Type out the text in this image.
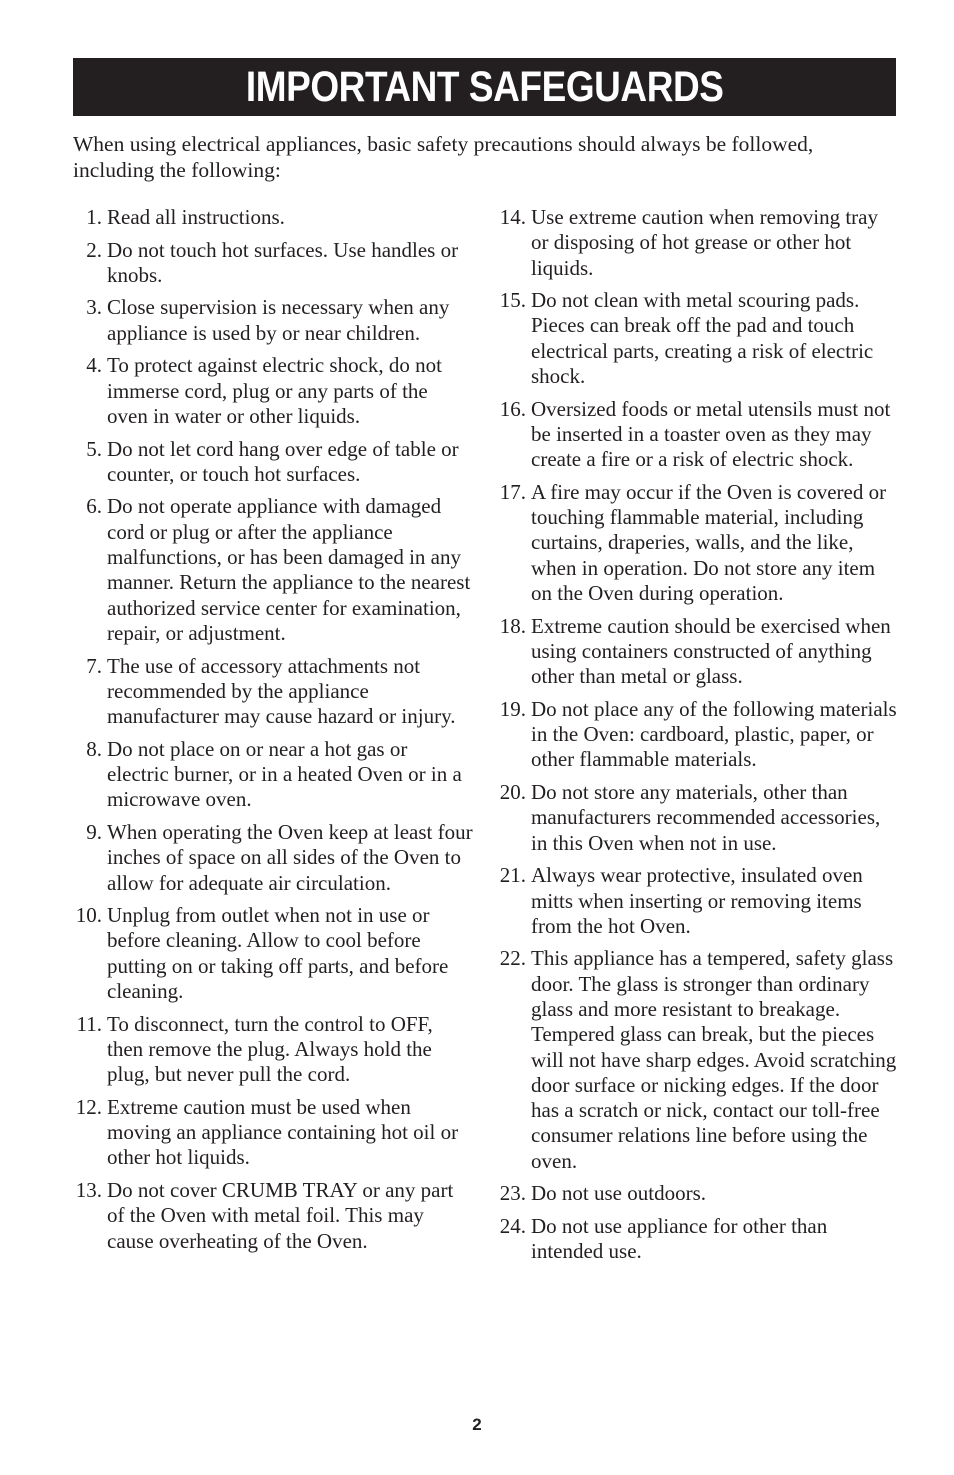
IMPORTANT SAFEGUARDS
When using electrical appliances, basic safety precautions should always be followed, including the following:
1. Read all instructions.
2. Do not touch hot surfaces. Use handles or knobs.
3. Close supervision is necessary when any appliance is used by or near children.
4. To protect against electric shock, do not immerse cord, plug or any parts of the oven in water or other liquids.
5. Do not let cord hang over edge of table or counter, or touch hot surfaces.
6. Do not operate appliance with damaged cord or plug or after the appliance malfunctions, or has been damaged in any manner. Return the appliance to the nearest authorized service center for examination, repair, or adjustment.
7. The use of accessory attachments not recommended by the appliance manufacturer may cause hazard or injury.
8. Do not place on or near a hot gas or electric burner, or in a heated Oven or in a microwave oven.
9. When operating the Oven keep at least four inches of space on all sides of the Oven to allow for adequate air circulation.
10. Unplug from outlet when not in use or before cleaning. Allow to cool before putting on or taking off parts, and before cleaning.
11. To disconnect, turn the control to OFF, then remove the plug. Always hold the plug, but never pull the cord.
12. Extreme caution must be used when moving an appliance containing hot oil or other hot liquids.
13. Do not cover CRUMB TRAY or any part of the Oven with metal foil. This may cause overheating of the Oven.
14. Use extreme caution when removing tray or disposing of hot grease or other hot liquids.
15. Do not clean with metal scouring pads. Pieces can break off the pad and touch electrical parts, creating a risk of electric shock.
16. Oversized foods or metal utensils must not be inserted in a toaster oven as they may create a fire or a risk of electric shock.
17. A fire may occur if the Oven is covered or touching flammable material, including curtains, draperies, walls, and the like, when in operation. Do not store any item on the Oven during operation.
18. Extreme caution should be exercised when using containers constructed of anything other than metal or glass.
19. Do not place any of the following materials in the Oven: cardboard, plastic, paper, or other flammable materials.
20. Do not store any materials, other than manufacturers recommended accessories, in this Oven when not in use.
21. Always wear protective, insulated oven mitts when inserting or removing items from the hot Oven.
22. This appliance has a tempered, safety glass door. The glass is stronger than ordinary glass and more resistant to breakage. Tempered glass can break, but the pieces will not have sharp edges. Avoid scratching door surface or nicking edges. If the door has a scratch or nick, contact our toll-free consumer relations line before using the oven.
23. Do not use outdoors.
24. Do not use appliance for other than intended use.
2
